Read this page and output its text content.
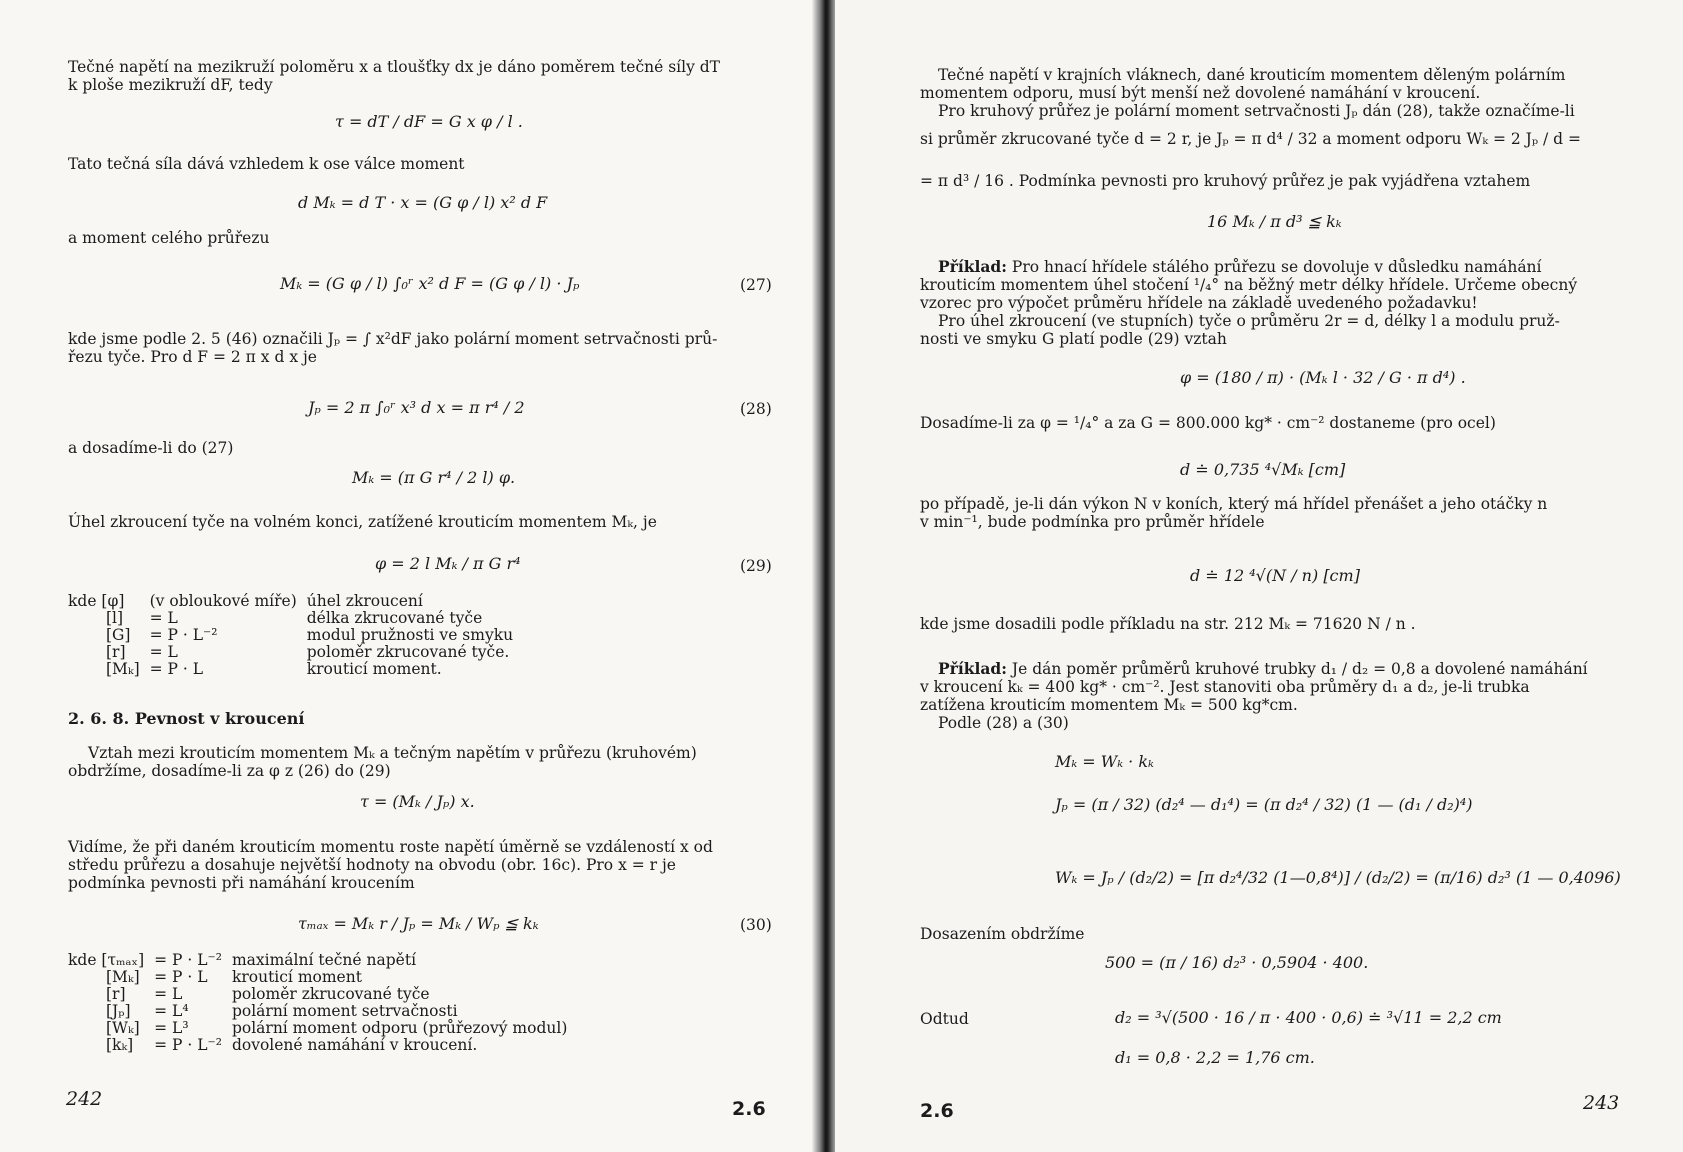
Tečné napětí na mezikruží poloměru x a tloušťky dx je dáno poměrem tečné síly dT
k ploše mezikruží dF, tedy

τ = dT / dF = G x φ / l .

Tato tečná síla dává vzhledem k ose válce moment

d Mₖ = d T · x = (G φ / l) x² d F

a moment celého průřezu

Mₖ = (G φ / l) ∫₀ʳ x² d F = (G φ / l) · Jₚ	(27)

kde jsme podle 2. 5 (46) označili Jₚ = ∫ x²dF jako polární moment setrvačnosti prů-
řezu tyče. Pro d F = 2 π x d x je

Jₚ = 2 π ∫₀ʳ x³ d x = π r⁴ / 2	(28)

a dosadíme-li do (27)

Mₖ = (π G r⁴ / 2 l) φ.

Úhel zkroucení tyče na volném konci, zatížené krouticím momentem Mₖ, je

φ = 2 l Mₖ / π G r⁴	(29)
kde [φ]	(v obloukové míře)	úhel zkroucení
[l]	= L	délka zkrucované tyče
[G]	= P · L⁻²	modul pružnosti ve smyku
[r]	= L	poloměr zkrucované tyče.
[Mₖ]	= P · L	krouticí moment.
2. 6. 8. Pevnost v kroucení

Vztah mezi krouticím momentem Mₖ a tečným napětím v průřezu (kruhovém)
obdržíme, dosadíme-li za φ z (26) do (29)

τ = (Mₖ / Jₚ) x.

Vidíme, že při daném krouticím momentu roste napětí úměrně se vzdáleností x od
středu průřezu a dosahuje největší hodnoty na obvodu (obr. 16c). Pro x = r je
podmínka pevnosti při namáhání kroucením

τₘₐₓ = Mₖ r / Jₚ = Mₖ / Wₚ ≦ kₖ	(30)
kde [τₘₐₓ]	= P · L⁻²	maximální tečné napětí
[Mₖ]	= P · L	krouticí moment
[r]	= L	poloměr zkrucované tyče
[Jₚ]	= L⁴	polární moment setrvačnosti
[Wₖ]	= L³	polární moment odporu (průřezový modul)
[kₖ]	= P · L⁻²	dovolené namáhání v kroucení.
242	2.6

Tečné napětí v krajních vláknech, dané krouticím momentem děleným polárním
momentem odporu, musí být menší než dovolené namáhání v kroucení.
Pro kruhový průřez je polární moment setrvačnosti Jₚ dán (28), takže označíme-li

si průměr zkrucované tyče d = 2 r, je Jₚ = π d⁴ / 32 a moment odporu Wₖ = 2 Jₚ / d =

= π d³ / 16 . Podmínka pevnosti pro kruhový průřez je pak vyjádřena vztahem

16 Mₖ / π d³ ≦ kₖ

Příklad: Pro hnací hřídele stálého průřezu se dovoluje v důsledku namáhání
krouticím momentem úhel stočení ¹/₄° na běžný metr délky hřídele. Určeme obecný
vzorec pro výpočet průměru hřídele na základě uvedeného požadavku!
Pro úhel zkroucení (ve stupních) tyče o průměru 2r = d, délky l a modulu pruž-
nosti ve smyku G platí podle (29) vztah

φ = (180 / π) · (Mₖ l · 32 / G · π d⁴) .

Dosadíme-li za φ = ¹/₄° a za G = 800.000 kg* · cm⁻² dostaneme (pro ocel)

d ≐ 0,735 ⁴√Mₖ [cm]

po případě, je-li dán výkon N v koních, který má hřídel přenášet a jeho otáčky n
v min⁻¹, bude podmínka pro průměr hřídele

d ≐ 12 ⁴√(N / n) [cm]

kde jsme dosadili podle příkladu na str. 212 Mₖ = 71620 N / n .

Příklad: Je dán poměr průměrů kruhové trubky d₁ / d₂ = 0,8 a dovolené namáhání
v kroucení kₖ = 400 kg* · cm⁻². Jest stanoviti oba průměry d₁ a d₂, je-li trubka
zatížena krouticím momentem Mₖ = 500 kg*cm.
Podle (28) a (30)

Mₖ = Wₖ · kₖ
Jₚ = (π / 32) (d₂⁴ — d₁⁴) = (π d₂⁴ / 32) (1 — (d₁ / d₂)⁴)
Wₖ = Jₚ / (d₂/2) = [π d₂⁴/32 (1—0,8⁴)] / (d₂/2) = (π/16) d₂³ (1 — 0,4096)

Dosazením obdržíme

500 = (π / 16) d₂³ · 0,5904 · 400.

Odtud	d₂ = ³√(500 · 16 / π · 400 · 0,6) ≐ ³√11 = 2,2 cm
d₁ = 0,8 · 2,2 = 1,76 cm.
2.6	243
